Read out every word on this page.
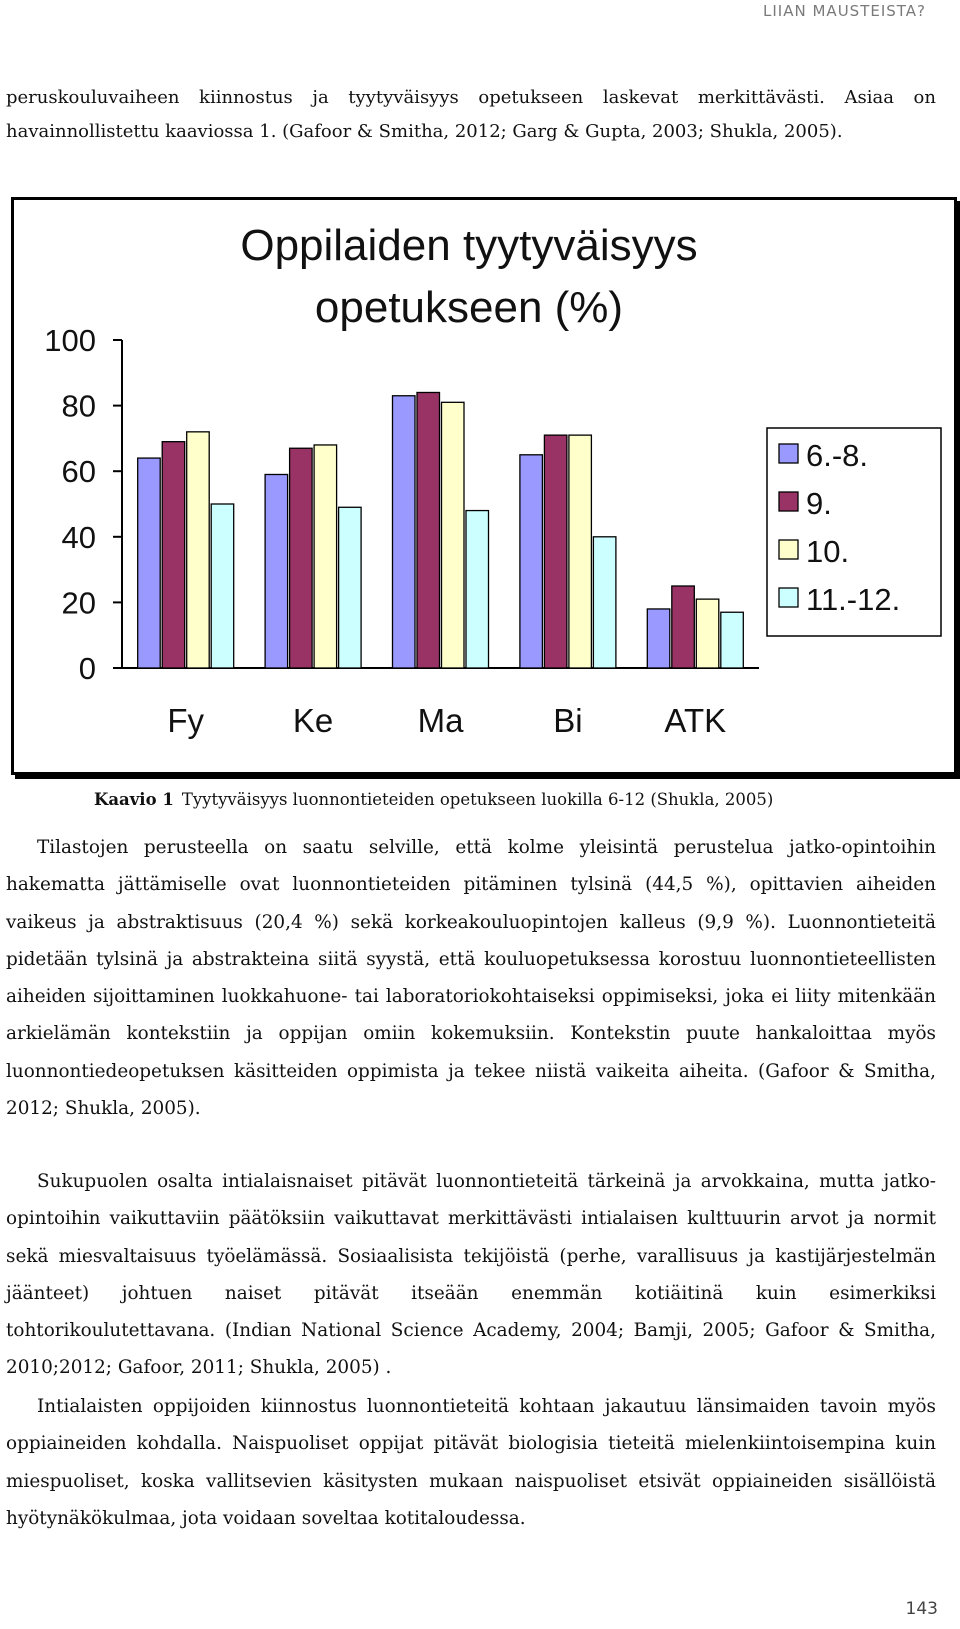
LIIAN MAUSTEISTA?

peruskouluvaiheen kiinnostus ja tyytyväisyys opetukseen laskevat merkittävästi. Asiaa on havainnollistettu kaaviossa 1. (Gafoor & Smitha, 2012; Garg & Gupta, 2003; Shukla, 2005).

Oppilaiden tyytyväisyys
opetukseen (%)
0
20
40
60
80
100
Fy	Ke	Ma	Bi ATK
6.-8.
9.
10.
11.-12.
Kaavio 1 Tyytyväisyys luonnontieteiden opetukseen luokilla 6-12 (Shukla, 2005)

Tilastojen perusteella on saatu selville, että kolme yleisintä perustelua jatko-opintoihin hakematta jättämiselle ovat luonnontieteiden pitäminen tylsinä (44,5 %), opittavien aiheiden vaikeus ja abstraktisuus (20,4 %) sekä korkeakouluopintojen kalleus (9,9 %). Luonnontieteitä pidetään tylsinä ja abstrakteina siitä syystä, että kouluopetuksessa korostuu luonnontieteellisten aiheiden sijoittaminen luokkahuone- tai laboratoriokohtaiseksi oppimiseksi, joka ei liity mitenkään arkielämän kontekstiin ja oppijan omiin kokemuksiin. Kontekstin puute hankaloittaa myös luonnontiedeopetuksen käsitteiden oppimista ja tekee niistä vaikeita aiheita. (Gafoor & Smitha, 2012; Shukla, 2005).

Sukupuolen osalta intialaisnaiset pitävät luonnontieteitä tärkeinä ja arvokkaina, mutta jatko-opintoihin vaikuttaviin päätöksiin vaikuttavat merkittävästi intialaisen kulttuurin arvot ja normit sekä miesvaltaisuus työelämässä. Sosiaalisista tekijöistä (perhe, varallisuus ja kastijärjestelmän jäänteet) johtuen naiset pitävät itseään enemmän kotiäitinä kuin esimerkiksi tohtorikoulutettavana. (Indian National Science Academy, 2004; Bamji, 2005; Gafoor & Smitha, 2010;2012; Gafoor, 2011; Shukla, 2005) .

Intialaisten oppijoiden kiinnostus luonnontieteitä kohtaan jakautuu länsimaiden tavoin myös oppiaineiden kohdalla. Naispuoliset oppijat pitävät biologisia tieteitä mielenkiintoisempina kuin miespuoliset, koska vallitsevien käsitysten mukaan naispuoliset etsivät oppiaineiden sisällöistä hyötynäkökulmaa, jota voidaan soveltaa kotitaloudessa.

143
